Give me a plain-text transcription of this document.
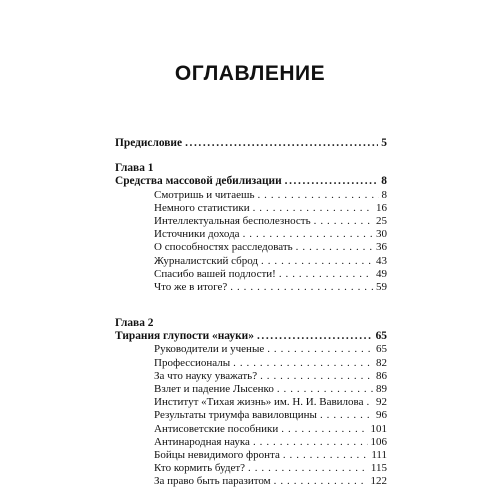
ОГЛАВЛЕНИЕ
Предисловие .....	5
Глава 1
Средства массовой дебилизации .....	8
Смотришь и читаешь . . .	8
Немного статистики . . .	16
Интеллектуальная бесполезность . . .	25
Источники дохода . . .	30
О способностях расследовать . . .	36
Журналистский сброд . . .	43
Спасибо вашей подлости! . . .	49
Что же в итоге? . . .	59
Глава 2
Тирания глупости «науки» .....	65
Руководители и ученые . . .	65
Профессионалы . . .	82
За что науку уважать? . . .	86
Взлет и падение Лысенко . . .	89
Институт «Тихая жизнь» им. Н. И. Вавилова . . . 92
Результаты триумфа вавиловщины . . .	96
Антисоветские пособники . . .	101
Антинародная наука . . .	106
Бойцы невидимого фронта . . .	111
Кто кормить будет? . . .	115
За право быть паразитом . . .	122
